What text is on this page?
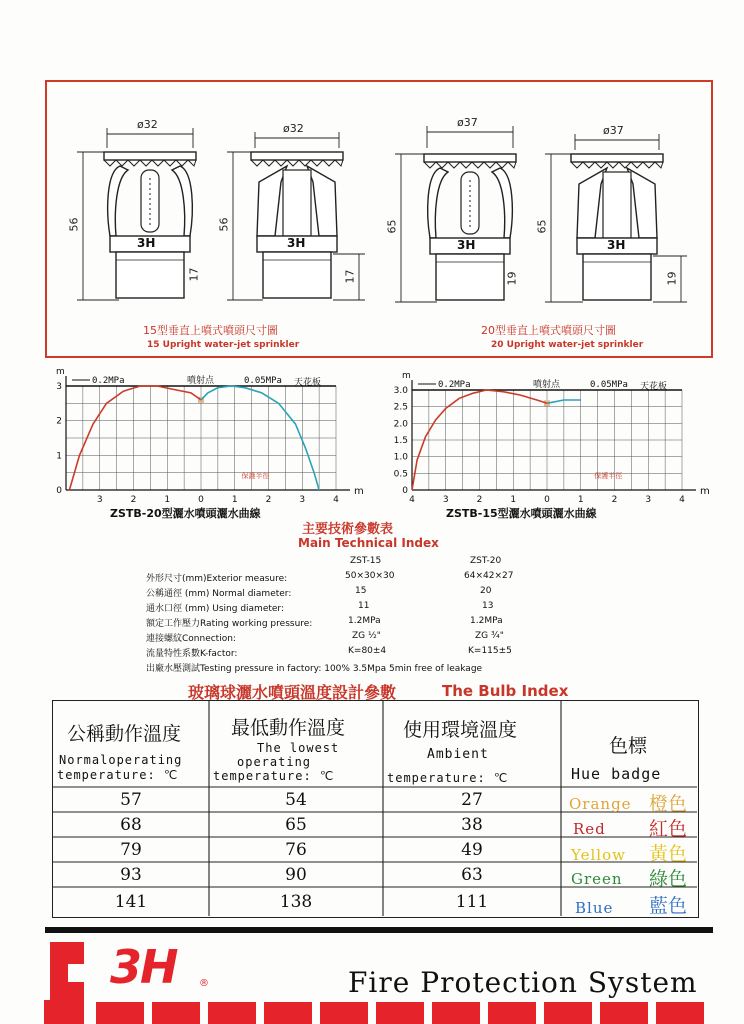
ø32	ø32	ø37
ø37
56	56	65	65
17	17	19	19
3H	3H	3H	3H
15型垂直上噴式噴頭尺寸圖
15 Upright water-jet sprinkler
20型垂直上噴式噴頭尺寸圖
20 Upright water-jet sprinkler
3	2	1	0	1	2	3	4
0
1
2
3
m
m
0.2MPa	噴射点	0.05MPa 天花板
保護半徑
ZSTB-20型灑水噴頭灑水曲線
4	3	2	1	0	1	2	3	4
0
0.5
1.0
1.5
2.0
2.5
3.0
m
m
0.2MPa	噴射点	0.05MPa 天花板
保護半徑
ZSTB-15型灑水噴頭灑水曲線
主要技術參數表
Main Technical Index
ZST-15	ZST-20
外形尺寸(mm)Exterior measure:	50×30×30	64×42×27
公稱通徑 (mm) Normal diameter:	15	20
通水口徑 (mm) Using diameter:	11	13
額定工作壓力Rating working pressure:	1.2MPa	1.2MPa
連接螺紋Connection:	ZG ½"	ZG ¾"
流量特性系數K-factor:	K=80±4	K=115±5
出廠水壓測試Testing pressure in factory: 100% 3.5Mpa 5min free of leakage
玻璃球灑水噴頭溫度設計參數	The Bulb Index
公稱動作溫度
Normaloperating
temperature: ℃
最低動作溫度
The lowest
operating
temperature: ℃
使用環境溫度
Ambient
temperature: ℃
色標
Hue badge
57	54	27	Orange 橙色
68	65	38	Red 紅色
79	76	49	Yellow 黃色
93	90	63	Green 綠色
141	138	111	Blue 藍色
3H ®	Fire Protection System
